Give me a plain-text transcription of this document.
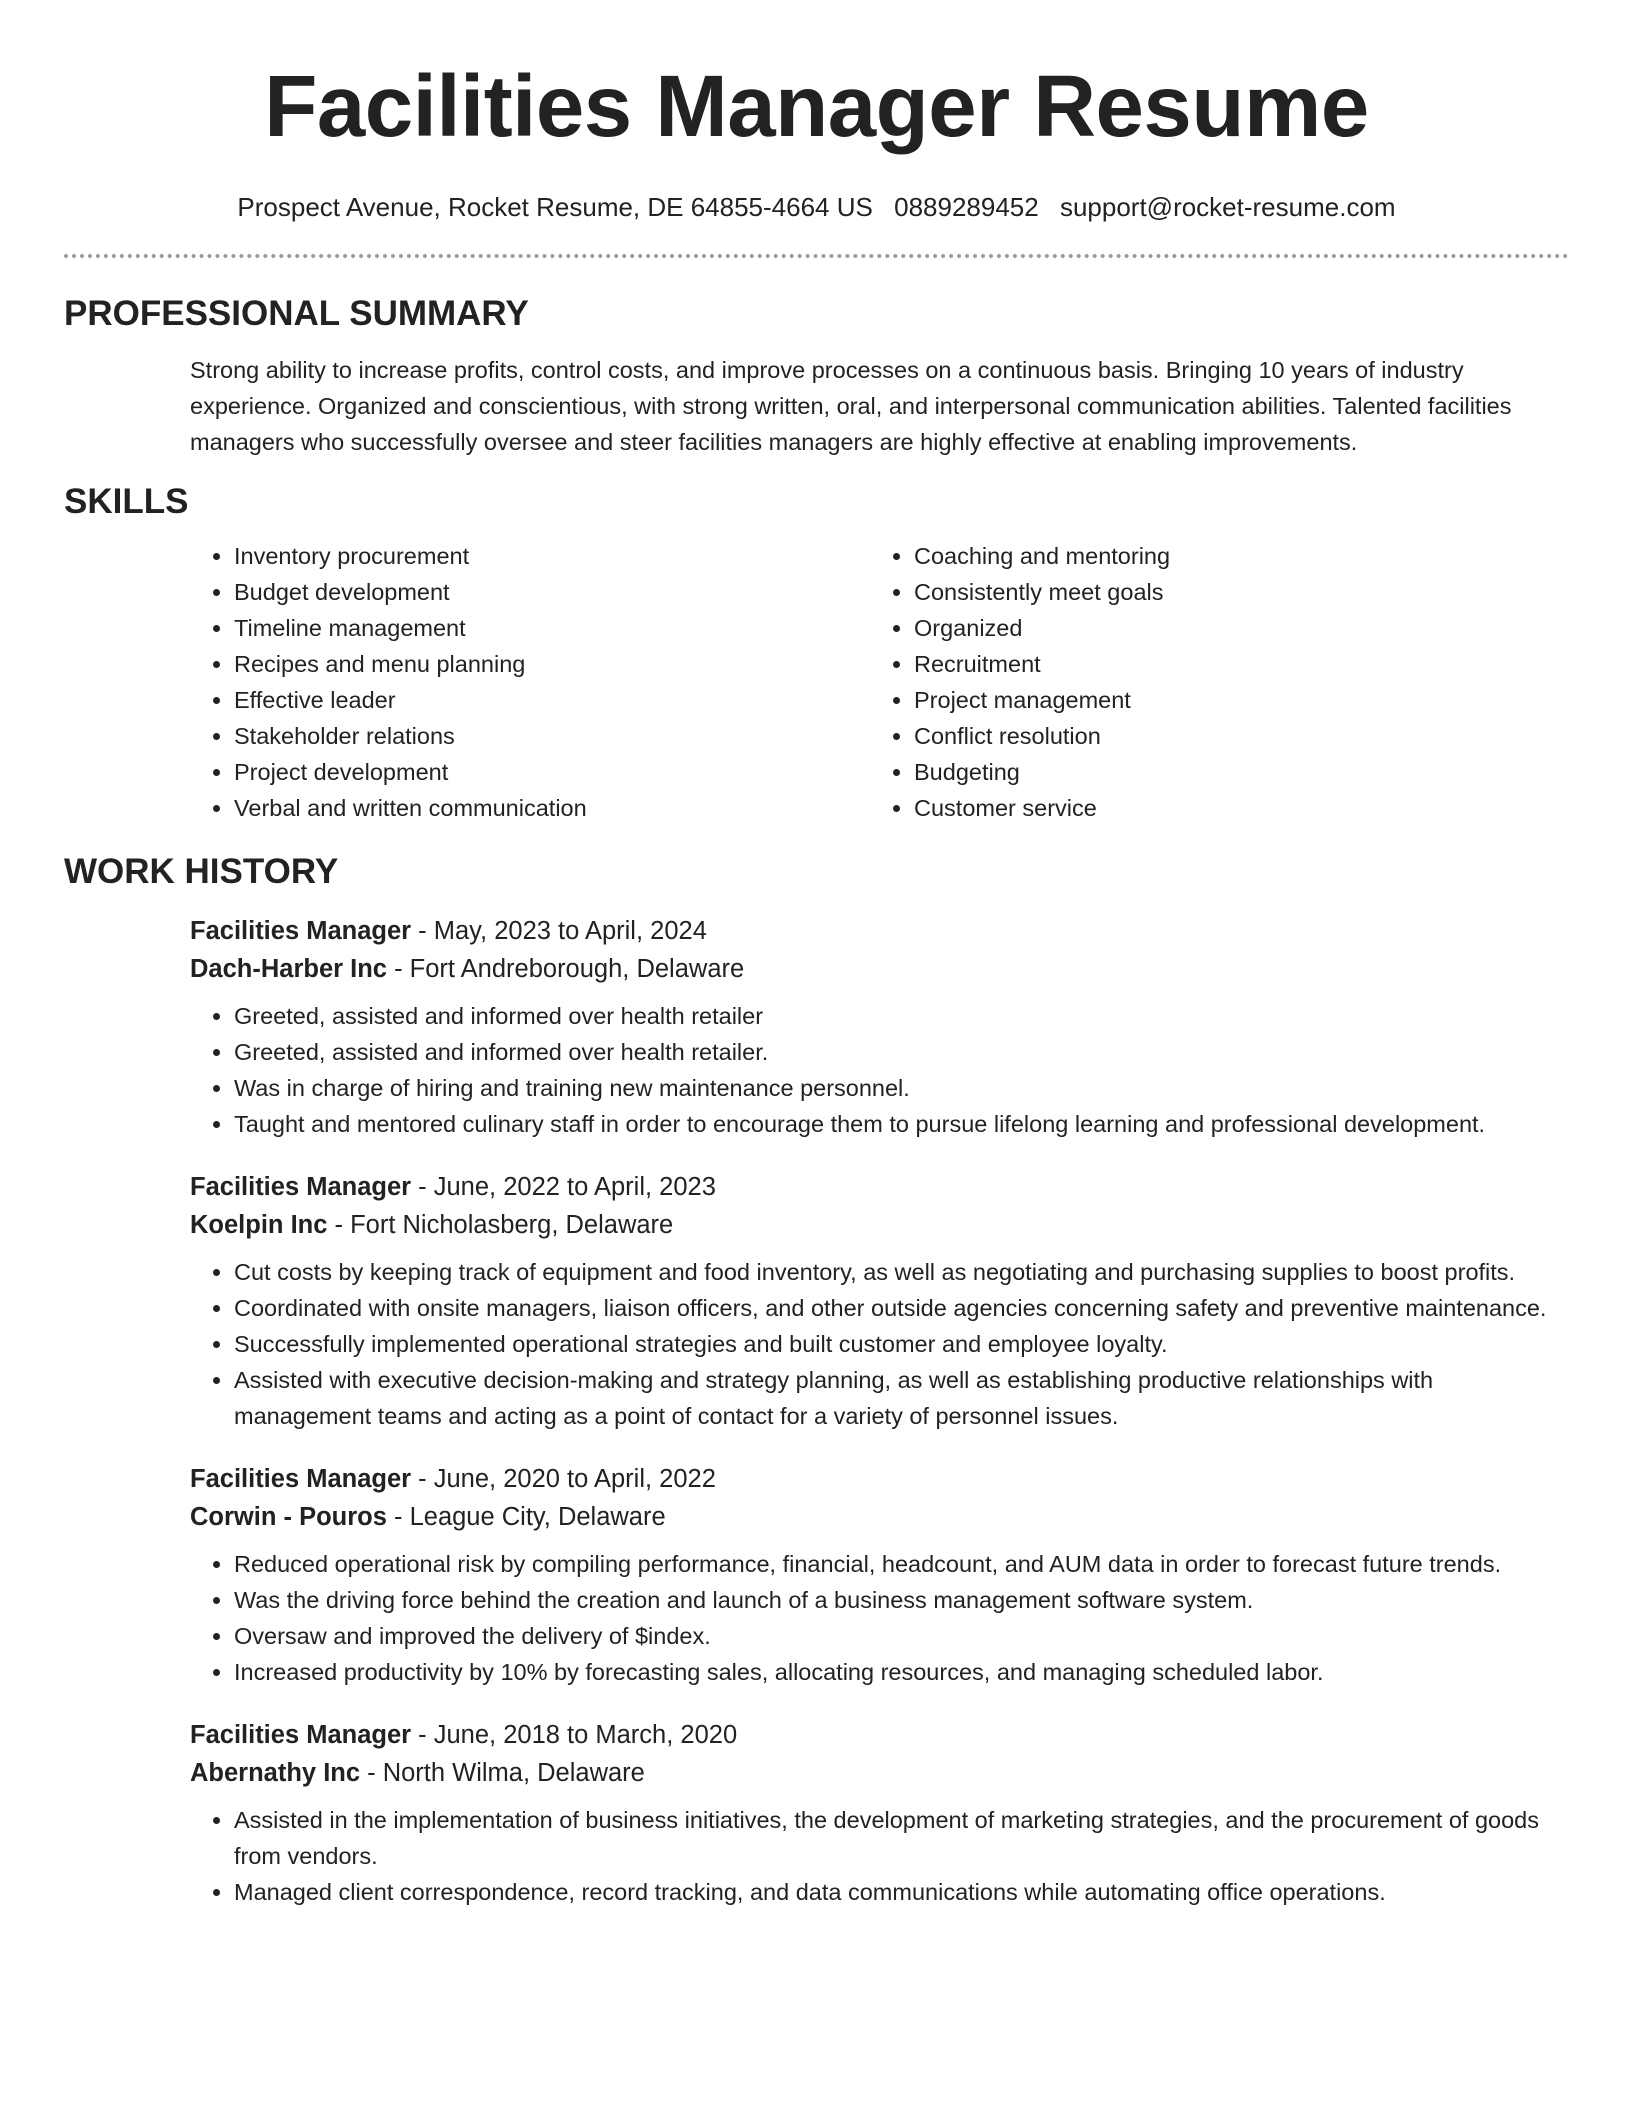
Facilities Manager Resume
Prospect Avenue, Rocket Resume, DE 64855-4664 US 0889289452 support@rocket-resume.com
PROFESSIONAL SUMMARY

Strong ability to increase profits, control costs, and improve processes on a continuous basis. Bringing 10 years of industry experience. Organized and conscientious, with strong written, oral, and interpersonal communication abilities. Talented facilities managers who successfully oversee and steer facilities managers are highly effective at enabling improvements.

SKILLS
• Inventory procurement
• Budget development
• Timeline management
• Recipes and menu planning
• Effective leader
• Stakeholder relations
• Project development
• Verbal and written communication
• Coaching and mentoring
• Consistently meet goals
• Organized
• Recruitment
• Project management
• Conflict resolution
• Budgeting
• Customer service
WORK HISTORY

Facilities Manager - May, 2023 to April, 2024

Dach-Harber Inc - Fort Andreborough, Delaware

• Greeted, assisted and informed over health retailer
• Greeted, assisted and informed over health retailer.
• Was in charge of hiring and training new maintenance personnel.
• Taught and mentored culinary staff in order to encourage them to pursue lifelong learning and professional development.

Facilities Manager - June, 2022 to April, 2023

Koelpin Inc - Fort Nicholasberg, Delaware

• Cut costs by keeping track of equipment and food inventory, as well as negotiating and purchasing supplies to boost profits.
• Coordinated with onsite managers, liaison officers, and other outside agencies concerning safety and preventive maintenance.
• Successfully implemented operational strategies and built customer and employee loyalty.
• Assisted with executive decision-making and strategy planning, as well as establishing productive relationships with management teams and acting as a point of contact for a variety of personnel issues.

Facilities Manager - June, 2020 to April, 2022

Corwin - Pouros - League City, Delaware

• Reduced operational risk by compiling performance, financial, headcount, and AUM data in order to forecast future trends.
• Was the driving force behind the creation and launch of a business management software system.
• Oversaw and improved the delivery of $index.
• Increased productivity by 10% by forecasting sales, allocating resources, and managing scheduled labor.

Facilities Manager - June, 2018 to March, 2020

Abernathy Inc - North Wilma, Delaware

• Assisted in the implementation of business initiatives, the development of marketing strategies, and the procurement of goods from vendors.
• Managed client correspondence, record tracking, and data communications while automating office operations.
